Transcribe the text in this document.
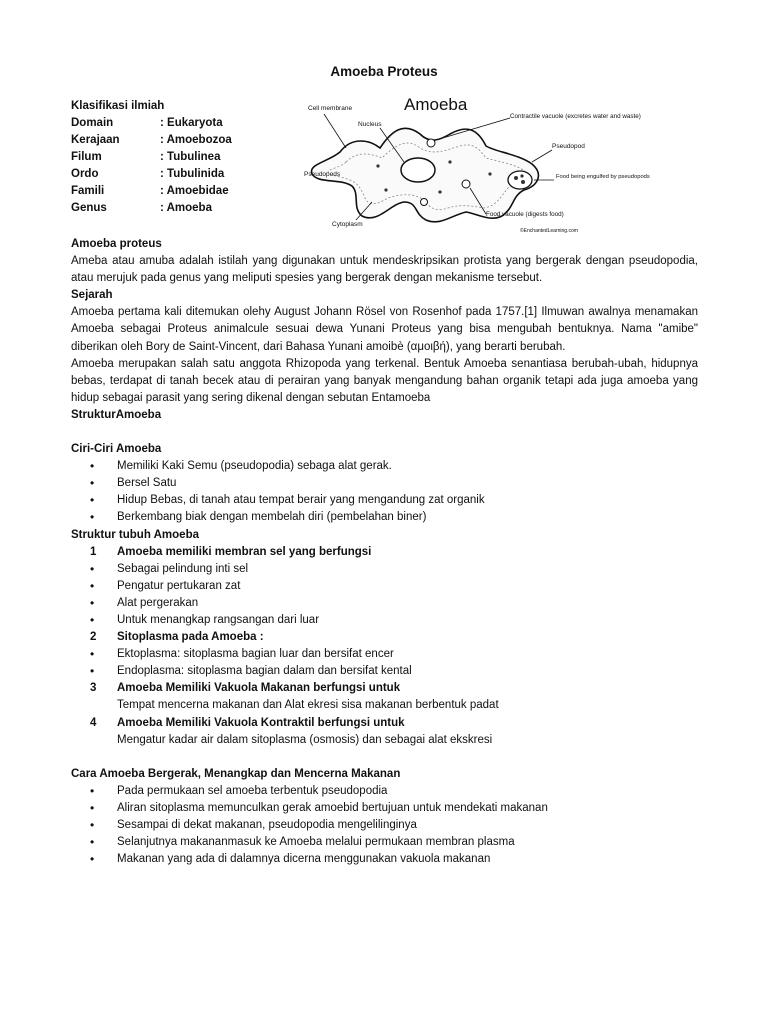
Amoeba Proteus
Klasifikasi ilmiah
Domain	: Eukaryota
Kerajaan	: Amoebozoa
Filum	: Tubulinea
Ordo	: Tubulinida
Famili	: Amoebidae
Genus	: Amoeba
Amoeba
Cell membrane
Nucleus
Contractile vacuole (excretes water and waste)
Pseudopod
Pseudopods	Food being engulfed by pseudopods
Food vacuole (digests food)
Cytoplasm
©EnchantedLearning.com

Amoeba proteus

Ameba atau amuba adalah istilah yang digunakan untuk mendeskripsikan protista yang bergerak dengan pseudopodia, atau merujuk pada genus yang meliputi spesies yang bergerak dengan mekanisme tersebut.

Sejarah

Amoeba pertama kali ditemukan olehy August Johann Rösel von Rosenhof pada 1757.[1] Ilmuwan awalnya menamakan Amoeba sebagai Proteus animalcule sesuai dewa Yunani Proteus yang bisa mengubah bentuknya. Nama "amibe" diberikan oleh Bory de Saint-Vincent, dari Bahasa Yunani amoibè (αμοιβή), yang berarti berubah.

Amoeba merupakan salah satu anggota Rhizopoda yang terkenal. Bentuk Amoeba senantiasa berubah-ubah, hidupnya bebas, terdapat di tanah becek atau di perairan yang banyak mengandung bahan organik tetapi ada juga amoeba yang hidup sebagai parasit yang sering dikenal dengan sebutan Entamoeba

StrukturAmoeba

Ciri-Ciri Amoeba

• Memiliki Kaki Semu (pseudopodia) sebaga alat gerak.
• Bersel Satu
• Hidup Bebas, di tanah atau tempat berair yang mengandung zat organik
• Berkembang biak dengan membelah diri (pembelahan biner)

Struktur tubuh Amoeba

1	Amoeba memiliki membran sel yang berfungsi
• Sebagai pelindung inti sel
• Pengatur pertukaran zat
• Alat pergerakan
• Untuk menangkap rangsangan dari luar
2	Sitoplasma pada Amoeba :
• Ektoplasma: sitoplasma bagian luar dan bersifat encer
• Endoplasma: sitoplasma bagian dalam dan bersifat kental
3	Amoeba Memiliki Vakuola Makanan berfungsi untuk

Tempat mencerna makanan dan Alat ekresi sisa makanan berbentuk padat

4	Amoeba Memiliki Vakuola Kontraktil berfungsi untuk

Mengatur kadar air dalam sitoplasma (osmosis) dan sebagai alat ekskresi

Cara Amoeba Bergerak, Menangkap dan Mencerna Makanan

• Pada permukaan sel amoeba terbentuk pseudopodia
• Aliran sitoplasma memunculkan gerak amoebid bertujuan untuk mendekati makanan
• Sesampai di dekat makanan, pseudopodia mengelilinginya
• Selanjutnya makananmasuk ke Amoeba melalui permukaan membran plasma
• Makanan yang ada di dalamnya dicerna menggunakan vakuola makanan
